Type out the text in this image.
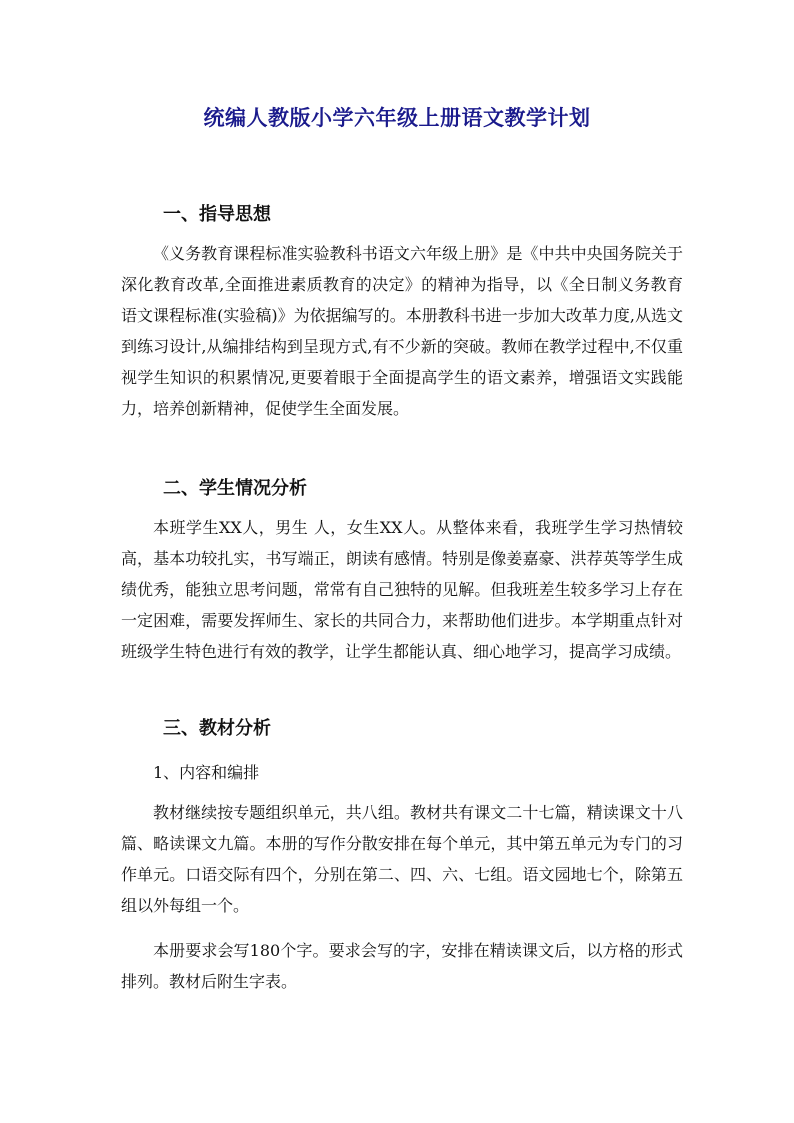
统编人教版小学六年级上册语文教学计划
一、指导思想
《义务教育课程标准实验教科书语文六年级上册》是《中共中央国务院关于深化教育改革,全面推进素质教育的决定》的精神为指导，以《全日制义务教育语文课程标准(实验稿)》为依据编写的。本册教科书进一步加大改革力度,从选文到练习设计,从编排结构到呈现方式,有不少新的突破。教师在教学过程中,不仅重视学生知识的积累情况,更要着眼于全面提高学生的语文素养，增强语文实践能力，培养创新精神，促使学生全面发展。
二、学生情况分析
本班学生XX人，男生 人，女生XX人。从整体来看，我班学生学习热情较高，基本功较扎实，书写端正，朗读有感情。特别是像姜嘉豪、洪荐英等学生成绩优秀，能独立思考问题，常常有自己独特的见解。但我班差生较多学习上存在一定困难，需要发挥师生、家长的共同合力，来帮助他们进步。本学期重点针对班级学生特色进行有效的教学，让学生都能认真、细心地学习，提高学习成绩。
三、教材分析
1、内容和编排
教材继续按专题组织单元，共八组。教材共有课文二十七篇，精读课文十八篇、略读课文九篇。本册的写作分散安排在每个单元，其中第五单元为专门的习作单元。口语交际有四个，分别在第二、四、六、七组。语文园地七个，除第五组以外每组一个。
本册要求会写180个字。要求会写的字，安排在精读课文后，以方格的形式排列。教材后附生字表。
